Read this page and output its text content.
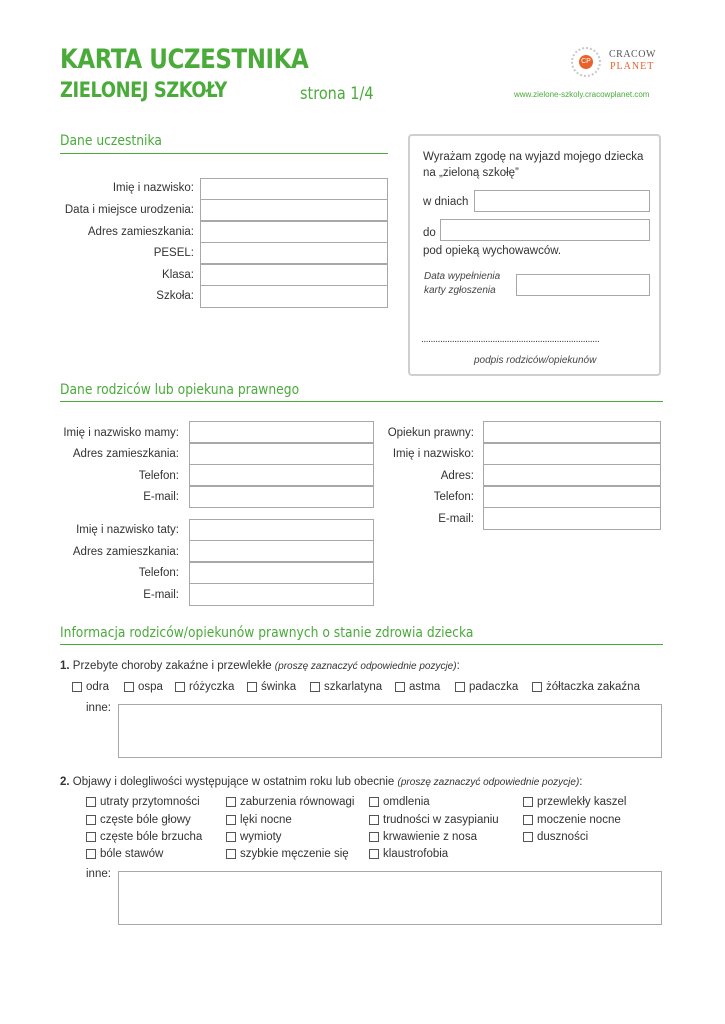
KARTA UCZESTNIKA
ZIELONEJ SZKOŁY	strona 1/4
CP
CRACOW
PLANET
www.zielone-szkoly.cracowplanet.com
Dane uczestnika
Imię i nazwisko:
Data i miejsce urodzenia:
Adres zamieszkania:
PESEL:
Klasa:
Szkoła:
Wyrażam zgodę na wyjazd mojego dziecka
na „zieloną szkołę”
w dniach
do
pod opieką wychowawców.
Data wypełnienia
karty zgłoszenia
...........................................................................
podpis rodziców/opiekunów
Dane rodziców lub opiekuna prawnego
Imię i nazwisko mamy:
Adres zamieszkania:
Telefon:
E-mail:
Imię i nazwisko taty:
Adres zamieszkania:
Telefon:
E-mail:
Opiekun prawny:
Imię i nazwisko:
Adres:
Telefon:
E-mail:
Informacja rodziców/opiekunów prawnych o stanie zdrowia dziecka
1. Przebyte choroby zakaźne i przewlekłe (proszę zaznaczyć odpowiednie pozycje):
odra	ospa różyczka świnka szkarlatyna astma padaczka żółtaczka zakaźna
inne:
2. Objawy i dolegliwości występujące w ostatnim roku lub obecnie (proszę zaznaczyć odpowiednie pozycje):
utraty przytomności
częste bóle głowy
częste bóle brzucha
bóle stawów
zaburzenia równowagi
lęki nocne
wymioty
szybkie męczenie się
omdlenia
trudności w zasypianiu
krwawienie z nosa
klaustrofobia
przewlekły kaszel
moczenie nocne
duszności
inne:
